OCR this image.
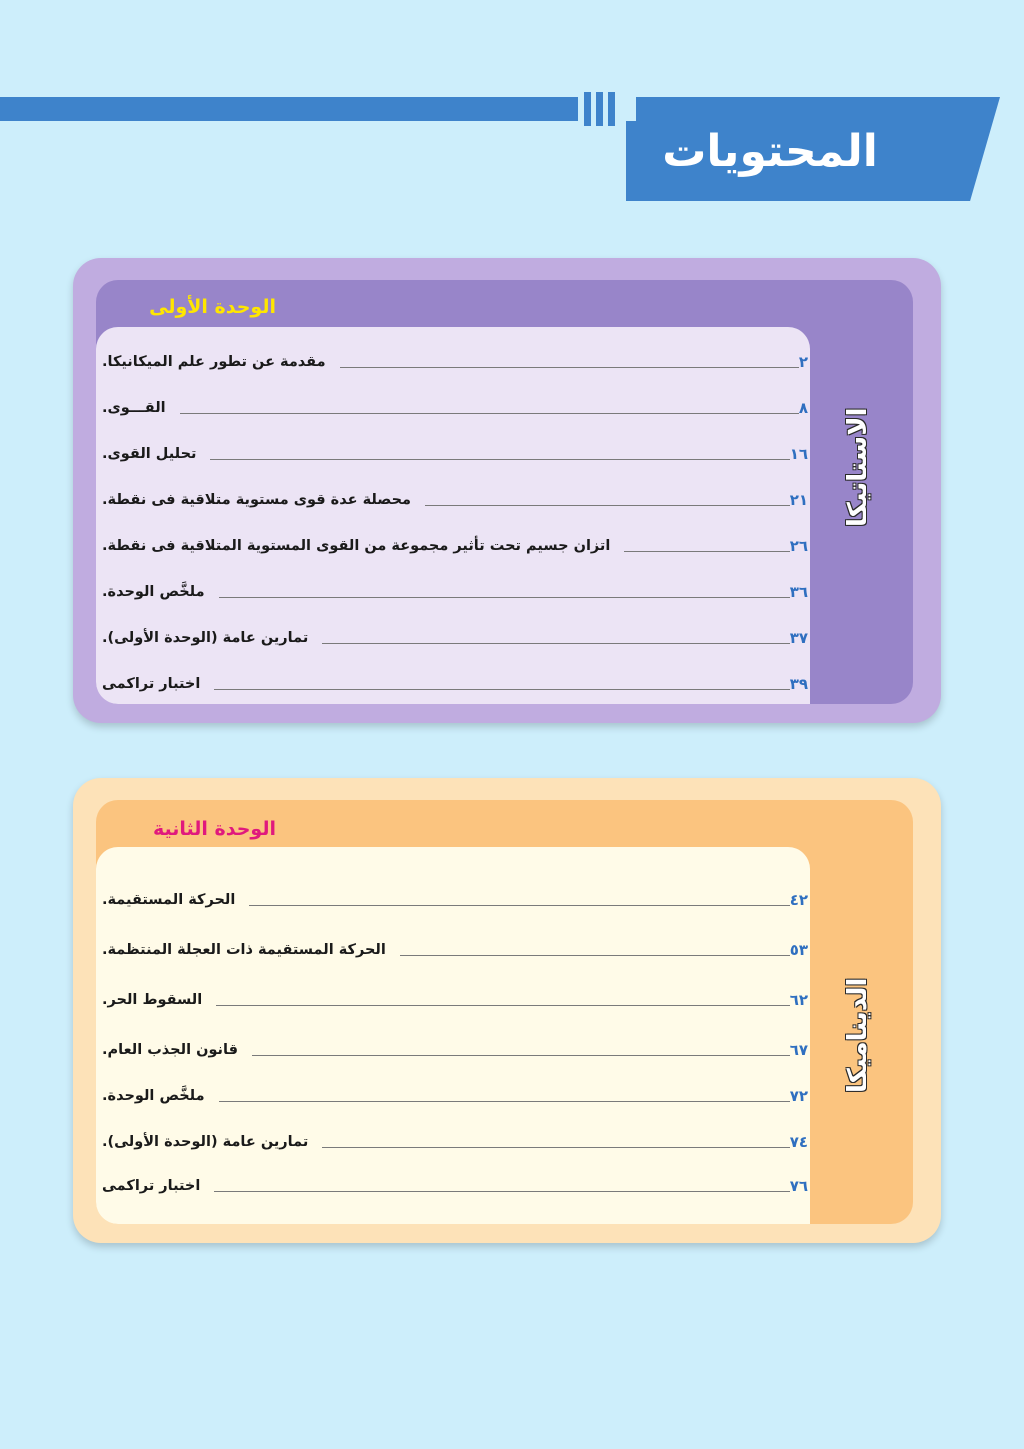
المحتويات
الوحدة الأولى
مقدمة عن تطور علم الميكانيكا.	٢
القـــوى.	٨
تحليل القوى.	١٦
محصلة عدة قوى مستوية متلاقية فى نقطة.	٢١
اتزان جسيم تحت تأثير مجموعة من القوى المستوية المتلاقية فى نقطة.	٢٦
ملخَّص الوحدة.	٣٦
تمارين عامة (الوحدة الأولى).	٣٧
اختبار تراكمى	٣٩
الاستاتيكا
الوحدة الثانية
الحركة المستقيمة.	٤٢
الحركة المستقيمة ذات العجلة المنتظمة.	٥٣
السقوط الحر.	٦٢
قانون الجذب العام.	٦٧
ملخَّص الوحدة.	٧٢
تمارين عامة (الوحدة الأولى).	٧٤
اختبار تراكمى	٧٦
الديناميكا
